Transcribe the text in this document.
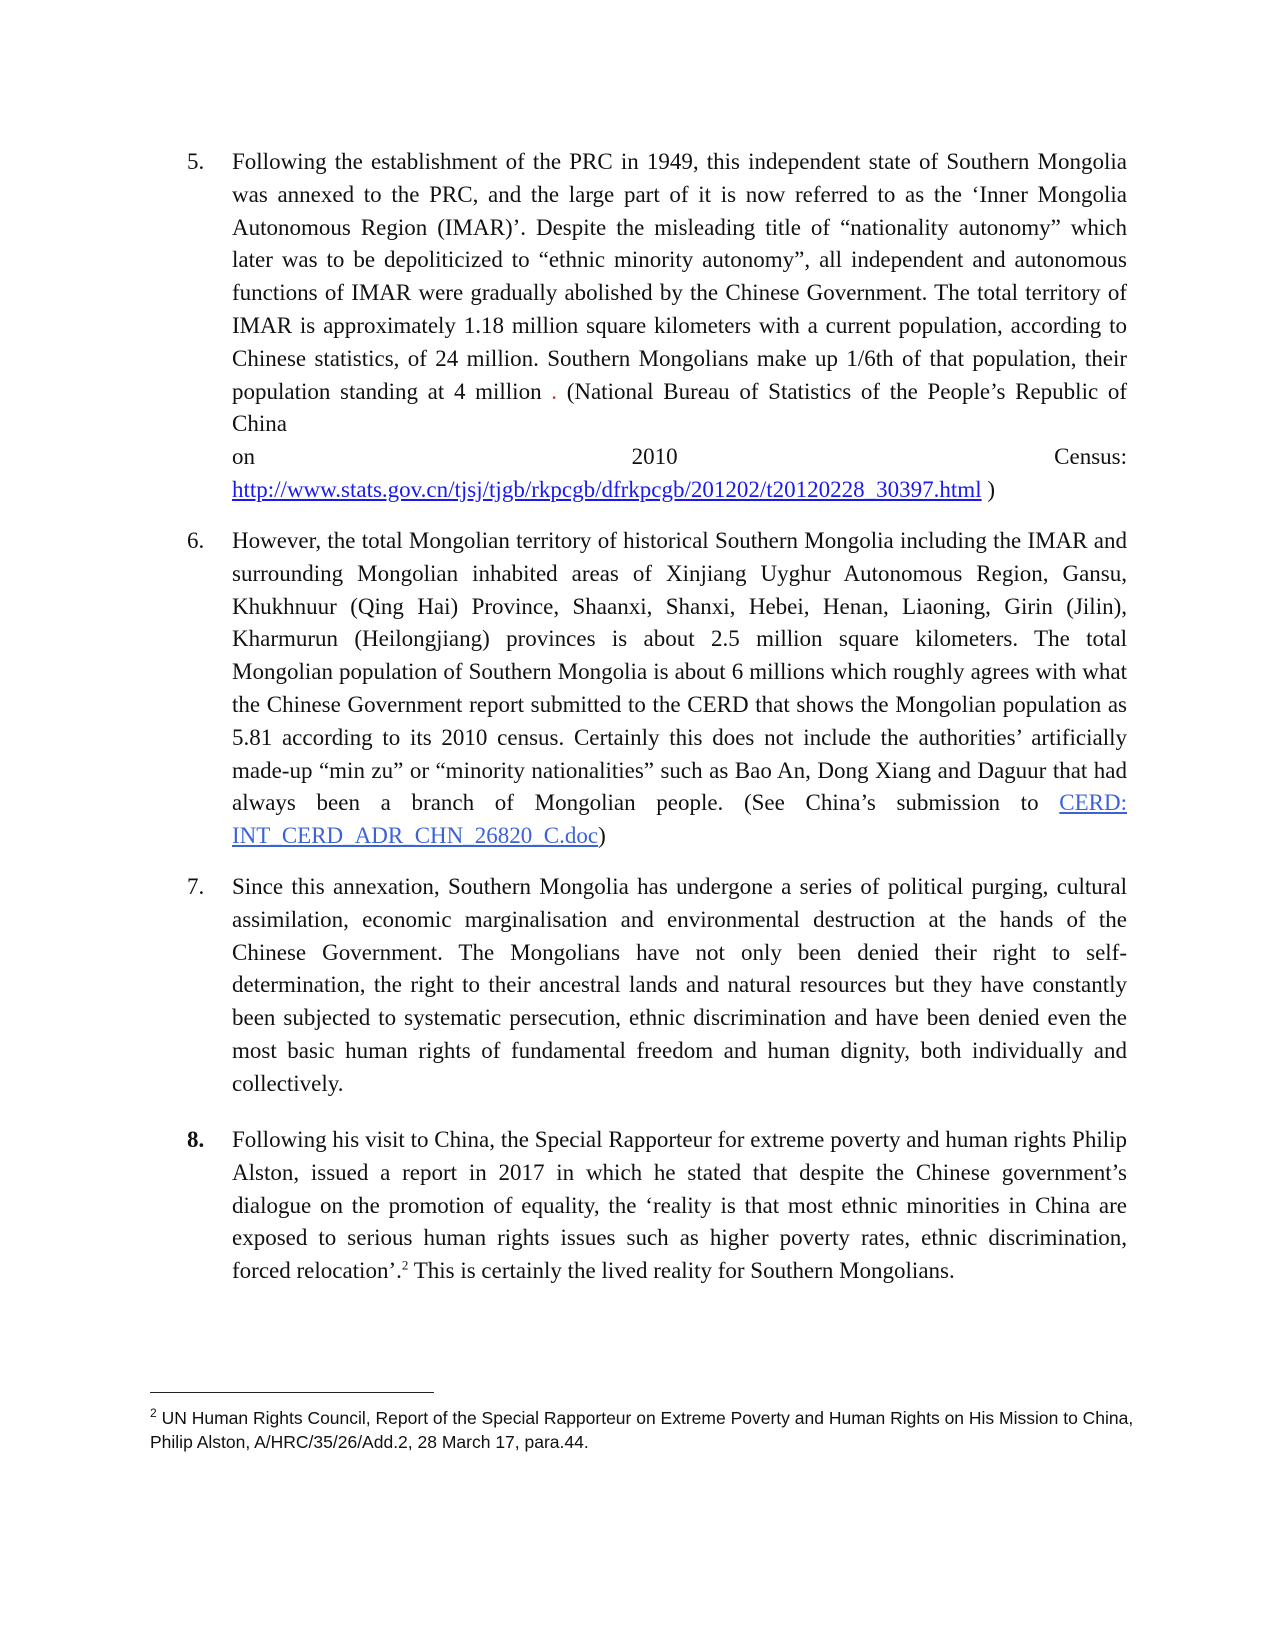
5.	Following the establishment of the PRC in 1949, this independent state of Southern Mongolia was annexed to the PRC, and the large part of it is now referred to as the ‘Inner Mongolia Autonomous Region (IMAR)’. Despite the misleading title of “nationality autonomy” which later was to be depoliticized to “ethnic minority autonomy”, all independent and autonomous functions of IMAR were gradually abolished by the Chinese Government. The total territory of IMAR is approximately 1.18 million square kilometers with a current population, according to Chinese statistics, of 24 million. Southern Mongolians make up 1/6th of that population, their population standing at 4 million . (National Bureau of Statistics of the People’s Republic of China
on	2010	Census:
http://www.stats.gov.cn/tjsj/tjgb/rkpcgb/dfrkpcgb/201202/t20120228_30397.html )
6.	However, the total Mongolian territory of historical Southern Mongolia including the IMAR and surrounding Mongolian inhabited areas of Xinjiang Uyghur Autonomous Region, Gansu, Khukhnuur (Qing Hai) Province, Shaanxi, Shanxi, Hebei, Henan, Liaoning, Girin (Jilin), Kharmurun (Heilongjiang) provinces is about 2.5 million square kilometers. The total Mongolian population of Southern Mongolia is about 6 millions which roughly agrees with what the Chinese Government report submitted to the CERD that shows the Mongolian population as 5.81 according to its 2010 census. Certainly this does not include the authorities’ artificially made-up “min zu” or “minority nationalities” such as Bao An, Dong Xiang and Daguur that had always been a branch of Mongolian people. (See China’s submission to CERD: INT_CERD_ADR_CHN_26820_C.doc)
7.	Since this annexation, Southern Mongolia has undergone a series of political purging, cultural assimilation, economic marginalisation and environmental destruction at the hands of the Chinese Government. The Mongolians have not only been denied their right to self-determination, the right to their ancestral lands and natural resources but they have constantly been subjected to systematic persecution, ethnic discrimination and have been denied even the most basic human rights of fundamental freedom and human dignity, both individually and collectively.
8.	Following his visit to China, the Special Rapporteur for extreme poverty and human rights Philip Alston, issued a report in 2017 in which he stated that despite the Chinese government’s dialogue on the promotion of equality, the ‘reality is that most ethnic minorities in China are exposed to serious human rights issues such as higher poverty rates, ethnic discrimination, forced relocation’.$^2$ This is certainly the lived reality for Southern Mongolians.
$^2$ UN Human Rights Council, Report of the Special Rapporteur on Extreme Poverty and Human Rights on His Mission to China, Philip Alston, A/HRC/35/26/Add.2, 28 March 17, para.44.
